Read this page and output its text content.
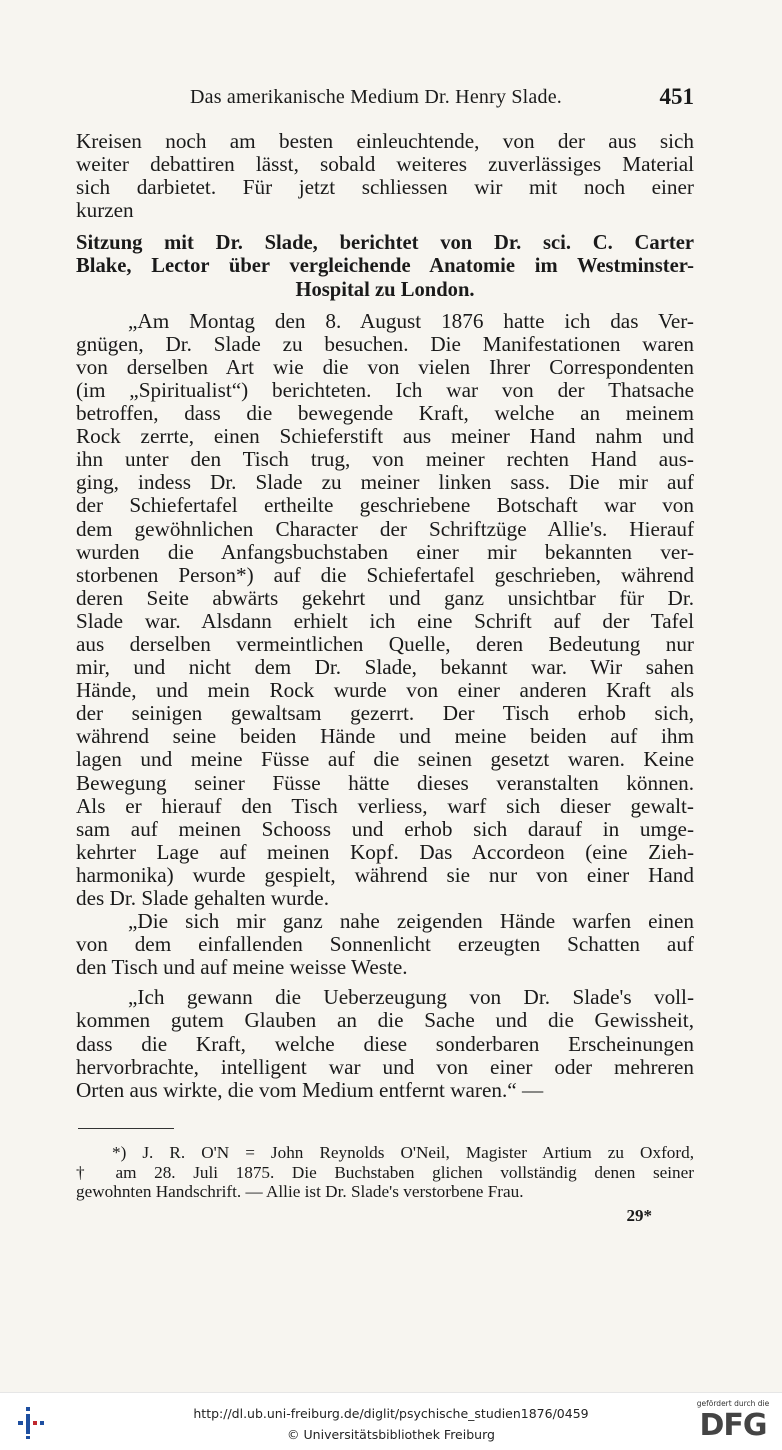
Das amerikanische Medium Dr. Henry Slade.	451
Kreisen noch am besten einleuchtende, von der aus sich
weiter debattiren lässt, sobald weiteres zuverlässiges Material
sich darbietet. Für jetzt schliessen wir mit noch einer
kurzen
Sitzung mit Dr. Slade, berichtet von Dr. sci. C. Carter
Blake, Lector über vergleichende Anatomie im Westminster-
Hospital zu London.
„Am Montag den 8. August 1876 hatte ich das Ver-
gnügen, Dr. Slade zu besuchen. Die Manifestationen waren
von derselben Art wie die von vielen Ihrer Correspondenten
(im „Spiritualist“) berichteten. Ich war von der Thatsache
betroffen, dass die bewegende Kraft, welche an meinem
Rock zerrte, einen Schieferstift aus meiner Hand nahm und
ihn unter den Tisch trug, von meiner rechten Hand aus-
ging, indess Dr. Slade zu meiner linken sass. Die mir auf
der Schiefertafel ertheilte geschriebene Botschaft war von
dem gewöhnlichen Character der Schriftzüge Allie's. Hierauf
wurden die Anfangsbuchstaben einer mir bekannten ver-
storbenen Person*) auf die Schiefertafel geschrieben, während
deren Seite abwärts gekehrt und ganz unsichtbar für Dr.
Slade war. Alsdann erhielt ich eine Schrift auf der Tafel
aus derselben vermeintlichen Quelle, deren Bedeutung nur
mir, und nicht dem Dr. Slade, bekannt war. Wir sahen
Hände, und mein Rock wurde von einer anderen Kraft als
der seinigen gewaltsam gezerrt. Der Tisch erhob sich,
während seine beiden Hände und meine beiden auf ihm
lagen und meine Füsse auf die seinen gesetzt waren. Keine
Bewegung seiner Füsse hätte dieses veranstalten können.
Als er hierauf den Tisch verliess, warf sich dieser gewalt-
sam auf meinen Schooss und erhob sich darauf in umge-
kehrter Lage auf meinen Kopf. Das Accordeon (eine Zieh-
harmonika) wurde gespielt, während sie nur von einer Hand
des Dr. Slade gehalten wurde.
„Die sich mir ganz nahe zeigenden Hände warfen einen
von dem einfallenden Sonnenlicht erzeugten Schatten auf
den Tisch und auf meine weisse Weste.
„Ich gewann die Ueberzeugung von Dr. Slade's voll-
kommen gutem Glauben an die Sache und die Gewissheit,
dass die Kraft, welche diese sonderbaren Erscheinungen
hervorbrachte, intelligent war und von einer oder mehreren
Orten aus wirkte, die vom Medium entfernt waren.“ —
*) J. R. O'N = John Reynolds O'Neil, Magister Artium zu Oxford,
† am 28. Juli 1875. Die Buchstaben glichen vollständig denen seiner
gewohnten Handschrift. — Allie ist Dr. Slade's verstorbene Frau.
29*
http://dl.ub.uni-freiburg.de/diglit/psychische_studien1876/0459
© Universitätsbibliothek Freiburg
gefördert durch die
DFG
